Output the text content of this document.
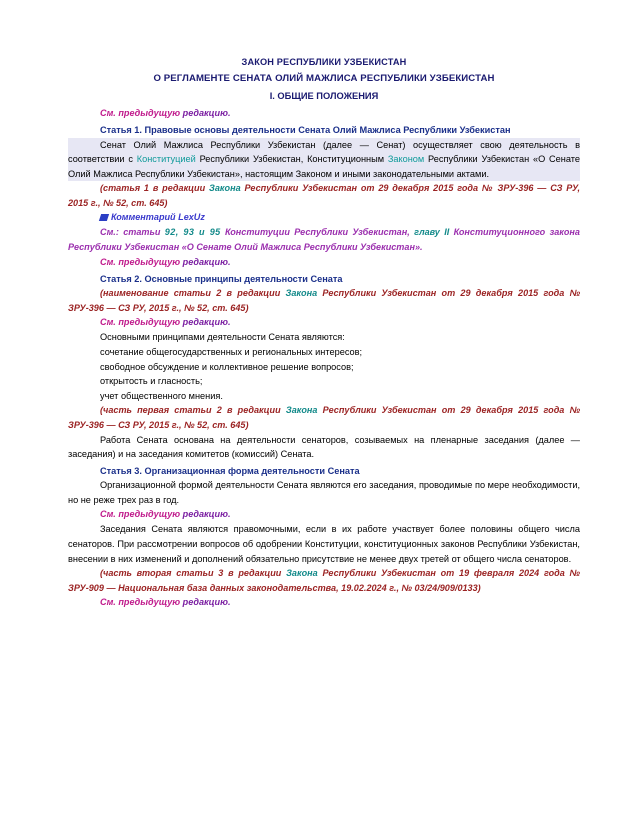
ЗАКОН РЕСПУБЛИКИ УЗБЕКИСТАН
О РЕГЛАМЕНТЕ СЕНАТА ОЛИЙ МАЖЛИСА РЕСПУБЛИКИ УЗБЕКИСТАН
I. ОБЩИЕ ПОЛОЖЕНИЯ

См. предыдущую редакцию.

Статья 1. Правовые основы деятельности Сената Олий Мажлиса Республики Узбекистан

Сенат Олий Мажлиса Республики Узбекистан (далее — Сенат) осуществляет свою деятельность в соответствии с Конституцией Республики Узбекистан, Конституционным Законом Республики Узбекистан «О Сенате Олий Мажлиса Республики Узбекистан», настоящим Законом и иными законодательными актами.

(статья 1 в редакции Закона Республики Узбекистан от 29 декабря 2015 года № ЗРУ-396 — СЗ РУ, 2015 г., № 52, ст. 645)

Комментарий LexUz

См.: статьи 92, 93 и 95 Конституции Республики Узбекистан, главу II Конституционного закона Республики Узбекистан «О Сенате Олий Мажлиса Республики Узбекистан».

См. предыдущую редакцию.

Статья 2. Основные принципы деятельности Сената

(наименование статьи 2 в редакции Закона Республики Узбекистан от 29 декабря 2015 года № ЗРУ-396 — СЗ РУ, 2015 г., № 52, ст. 645)

См. предыдущую редакцию.

Основными принципами деятельности Сената являются:

сочетание общегосударственных и региональных интересов;

свободное обсуждение и коллективное решение вопросов;

открытость и гласность;

учет общественного мнения.

(часть первая статьи 2 в редакции Закона Республики Узбекистан от 29 декабря 2015 года № ЗРУ-396 — СЗ РУ, 2015 г., № 52, ст. 645)

Работа Сената основана на деятельности сенаторов, созываемых на пленарные заседания (далее — заседания) и на заседания комитетов (комиссий) Сената.

Статья 3. Организационная форма деятельности Сената

Организационной формой деятельности Сената являются его заседания, проводимые по мере необходимости, но не реже трех раз в год.

См. предыдущую редакцию.

Заседания Сената являются правомочными, если в их работе участвует более половины общего числа сенаторов. При рассмотрении вопросов об одобрении Конституции, конституционных законов Республики Узбекистан, внесении в них изменений и дополнений обязательно присутствие не менее двух третей от общего числа сенаторов.

(часть вторая статьи 3 в редакции Закона Республики Узбекистан от 19 февраля 2024 года № ЗРУ-909 — Национальная база данных законодательства, 19.02.2024 г., № 03/24/909/0133)

См. предыдущую редакцию.
